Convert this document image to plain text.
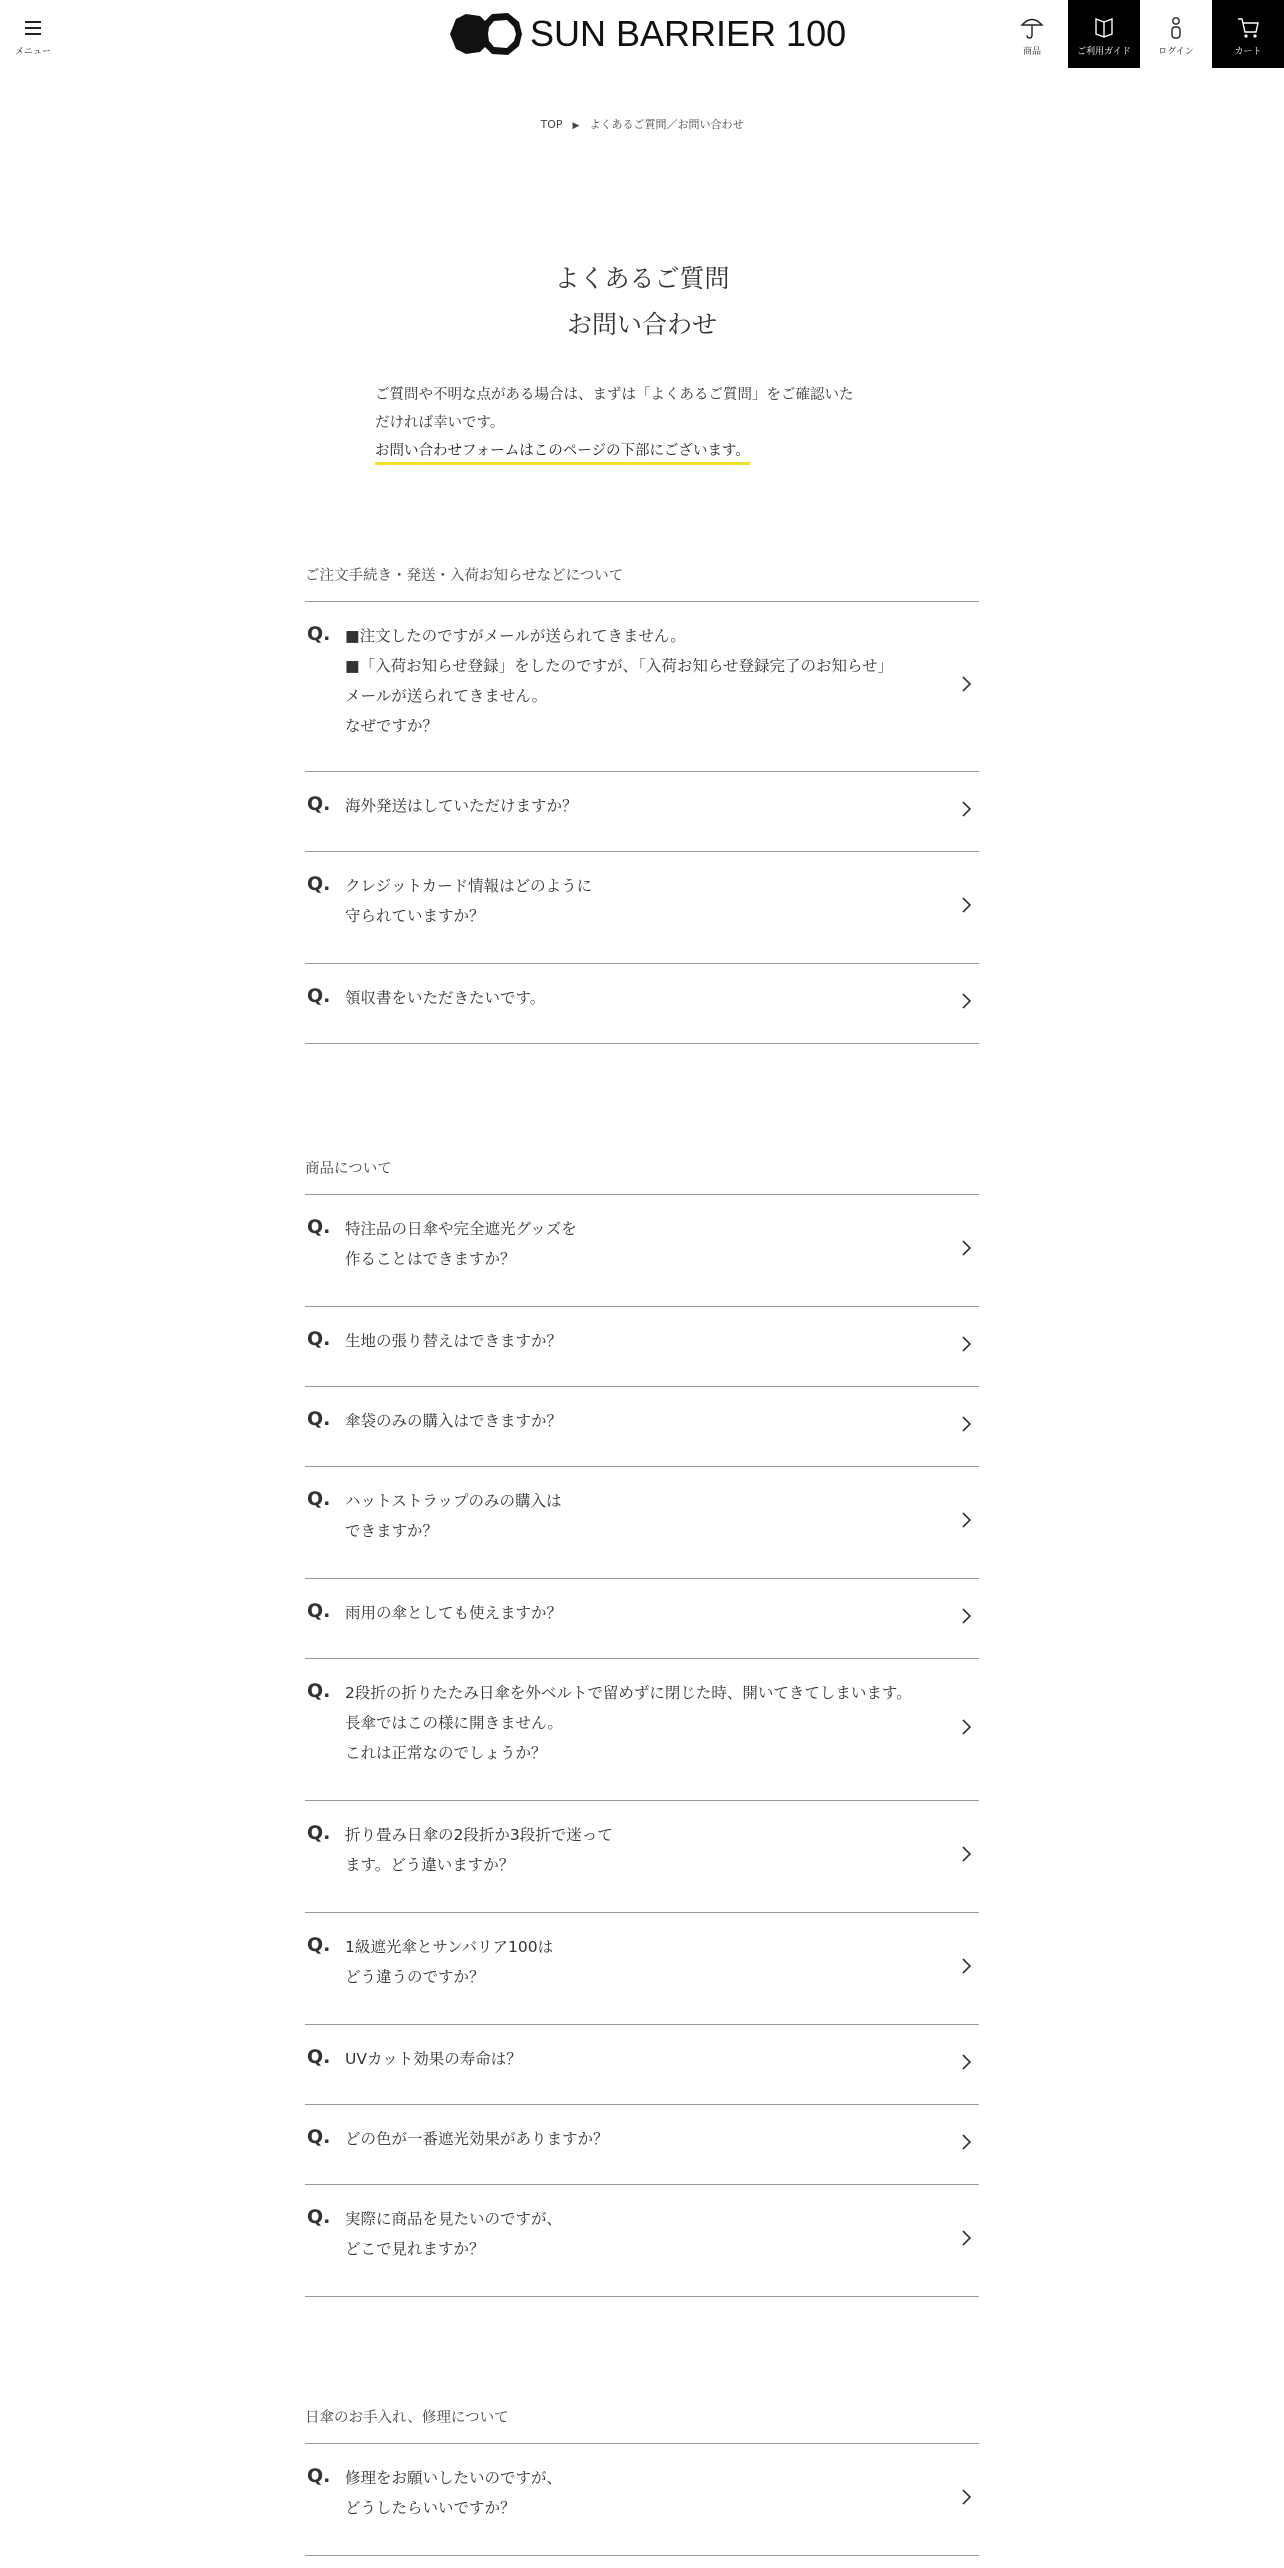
メニュー	SUN BARRIER 100	商品	ご利用ガイド	ログイン	カート
TOP ▶ よくあるご質問／お問い合わせ
よくあるご質問
お問い合わせ
ご質問や不明な点がある場合は、まずは「よくあるご質問」をご確認いた
だければ幸いです。
お問い合わせフォームはこのページの下部にございます。
ご注文手続き・発送・入荷お知らせなどについて
Q. ■注文したのですがメールが送られてきません。
■「入荷お知らせ登録」をしたのですが、「入荷お知らせ登録完了のお知らせ」
メールが送られてきません。
なぜですか？
Q. 海外発送はしていただけますか？
Q. クレジットカード情報はどのように
守られていますか？
Q. 領収書をいただきたいです。
商品について
Q. 特注品の日傘や完全遮光グッズを
作ることはできますか？
Q. 生地の張り替えはできますか？
Q. 傘袋のみの購入はできますか？
Q. ハットストラップのみの購入は
できますか？
Q. 雨用の傘としても使えますか？
Q. 2段折の折りたたみ日傘を外ベルトで留めずに閉じた時、開いてきてしまいます。
長傘ではこの様に開きません。
これは正常なのでしょうか？
Q. 折り畳み日傘の2段折か3段折で迷って
ます。どう違いますか？
Q. 1級遮光傘とサンバリア100は
どう違うのですか？
Q. UVカット効果の寿命は？
Q. どの色が一番遮光効果がありますか？
Q. 実際に商品を見たいのですが、
どこで見れますか？
日傘のお手入れ、修理について
Q. 修理をお願いしたいのですが、
どうしたらいいですか？
